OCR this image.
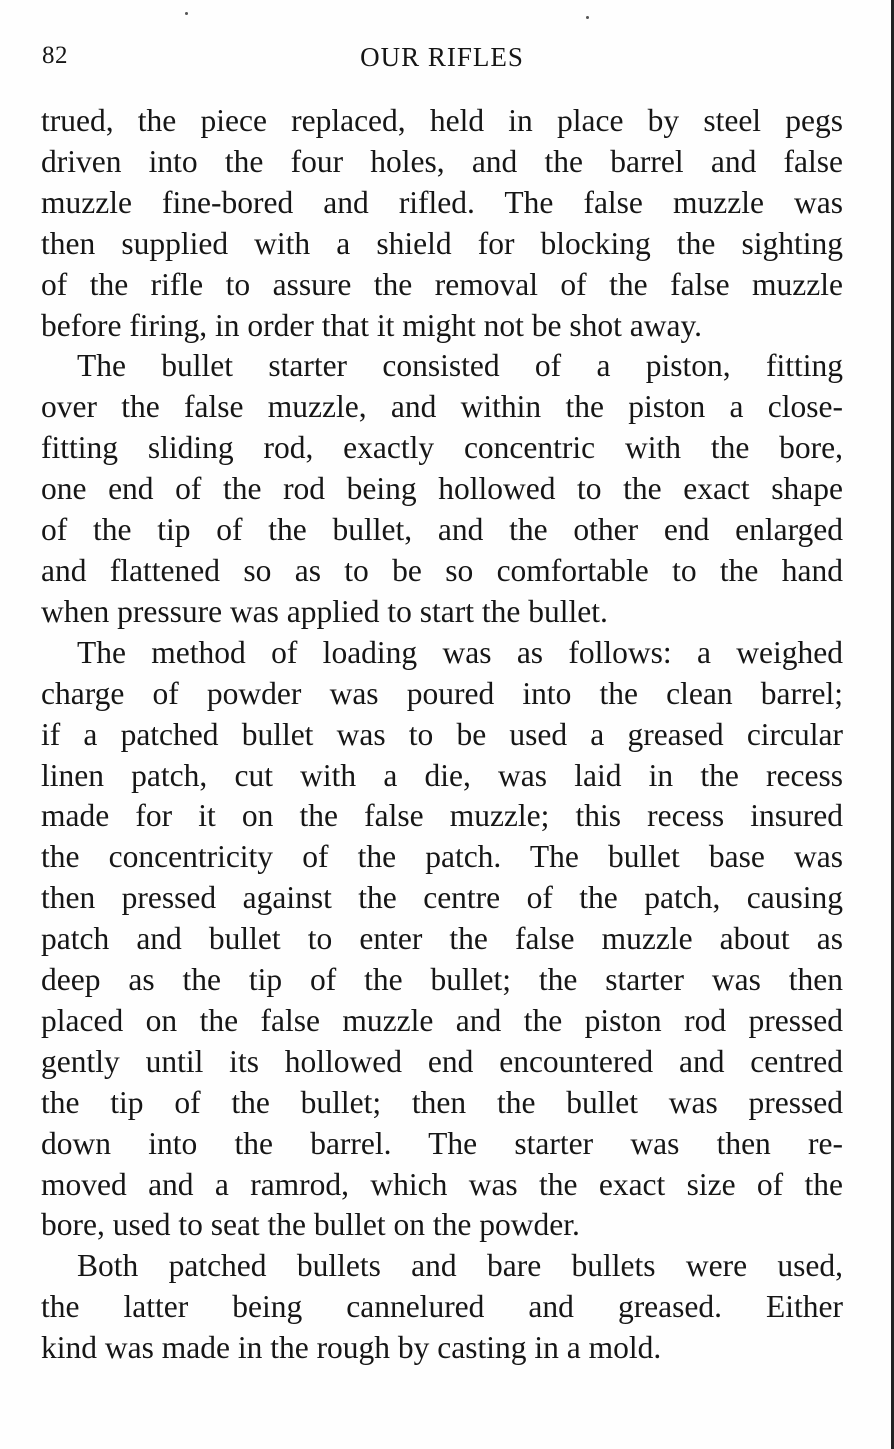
82	OUR RIFLES
trued, the piece replaced, held in place by steel pegs
driven into the four holes, and the barrel and false
muzzle fine-bored and rifled. The false muzzle was
then supplied with a shield for blocking the sighting
of the rifle to assure the removal of the false muzzle
before firing, in order that it might not be shot away.
The bullet starter consisted of a piston, fitting
over the false muzzle, and within the piston a close-
fitting sliding rod, exactly concentric with the bore,
one end of the rod being hollowed to the exact shape
of the tip of the bullet, and the other end enlarged
and flattened so as to be so comfortable to the hand
when pressure was applied to start the bullet.
The method of loading was as follows: a weighed
charge of powder was poured into the clean barrel;
if a patched bullet was to be used a greased circular
linen patch, cut with a die, was laid in the recess
made for it on the false muzzle; this recess insured
the concentricity of the patch. The bullet base was
then pressed against the centre of the patch, causing
patch and bullet to enter the false muzzle about as
deep as the tip of the bullet; the starter was then
placed on the false muzzle and the piston rod pressed
gently until its hollowed end encountered and centred
the tip of the bullet; then the bullet was pressed
down into the barrel. The starter was then re-
moved and a ramrod, which was the exact size of the
bore, used to seat the bullet on the powder.
Both patched bullets and bare bullets were used,
the latter being cannelured and greased. Either
kind was made in the rough by casting in a mold.
